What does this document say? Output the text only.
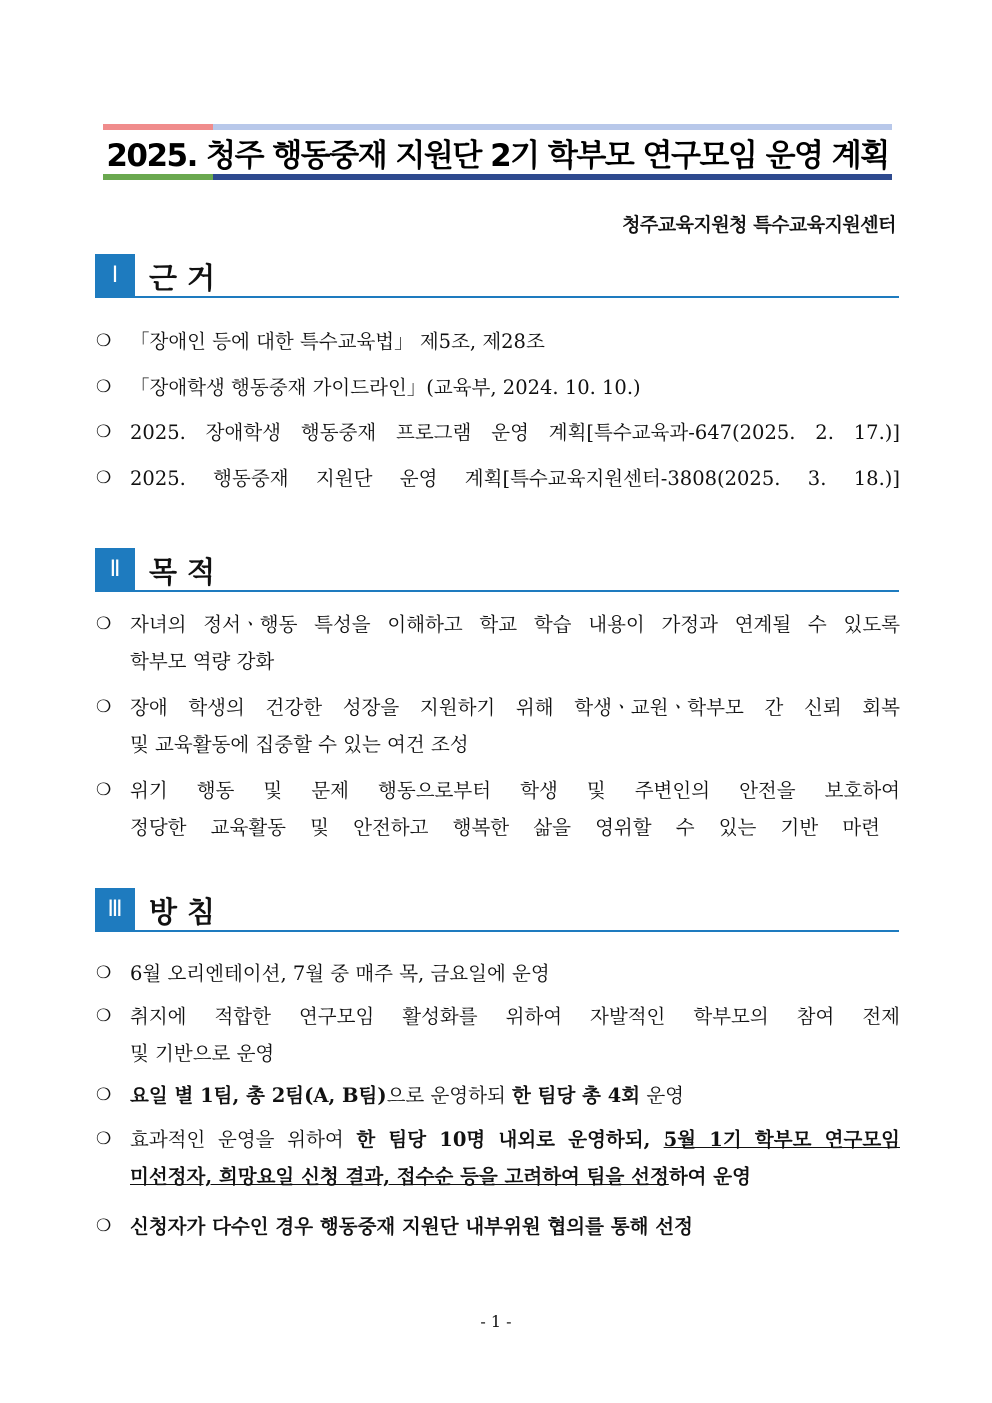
2025. 청주 행동중재 지원단 2기 학부모 연구모임 운영 계획
청주교육지원청 특수교육지원센터
Ⅰ	근거
❍ 「장애인 등에 대한 특수교육법」 제5조, 제28조
❍ 「장애학생 행동중재 가이드라인」(교육부, 2024. 10. 10.)
❍ 2025. 장애학생 행동중재 프로그램 운영 계획[특수교육과-647(2025. 2. 17.)]
❍ 2025. 행동중재 지원단 운영 계획[특수교육지원센터-3808(2025. 3. 18.)]
Ⅱ 목적
❍ 자녀의 정서ㆍ행동 특성을 이해하고 학교 학습 내용이 가정과 연계될 수 있도록
학부모 역량 강화
❍ 장애 학생의 건강한 성장을 지원하기 위해 학생ㆍ교원ㆍ학부모 간 신뢰 회복
및 교육활동에 집중할 수 있는 여건 조성
❍ 위기 행동 및 문제 행동으로부터 학생 및 주변인의 안전을 보호하여
정당한 교육활동 및 안전하고 행복한 삶을 영위할 수 있는 기반 마련
Ⅲ 방침
❍ 6월 오리엔테이션, 7월 중 매주 목, 금요일에 운영
❍ 취지에 적합한 연구모임 활성화를 위하여 자발적인 학부모의 참여 전제
및 기반으로 운영
❍ 요일 별 1팀, 총 2팀(A, B팀)으로 운영하되 한 팀당 총 4회 운영
❍ 효과적인 운영을 위하여 한 팀당 10명 내외로 운영하되, 5월 1기 학부모 연구모임
미선정자, 희망요일 신청 결과, 접수순 등을 고려하여 팀을 선정하여 운영
❍ 신청자가 다수인 경우 행동중재 지원단 내부위원 협의를 통해 선정
- 1 -
